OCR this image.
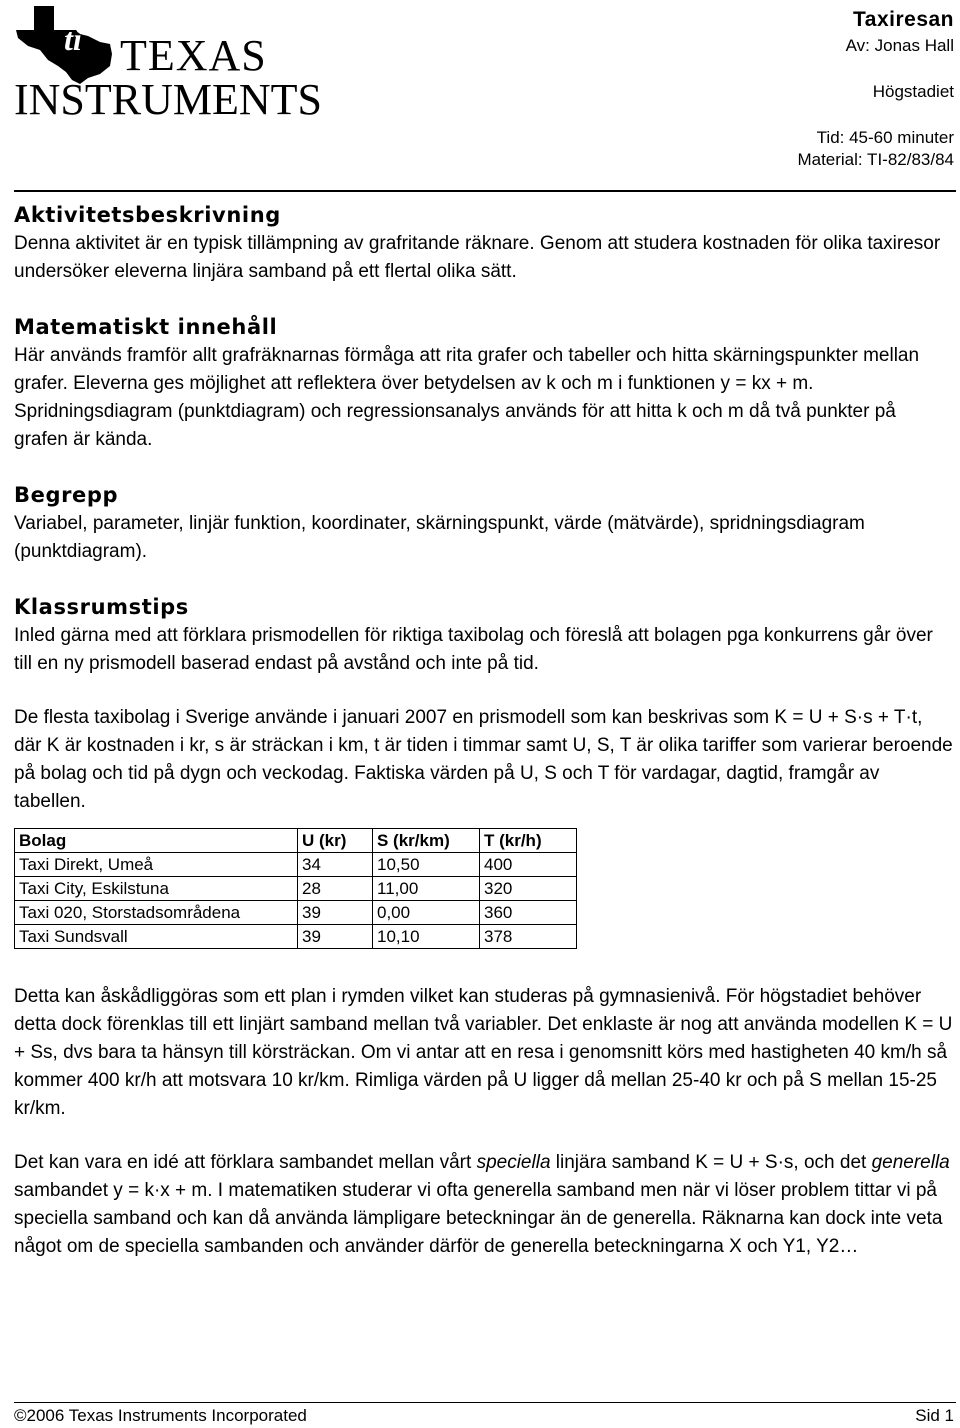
ti TEXAS
INSTRUMENTS
Taxiresan
Av: Jonas Hall
Högstadiet
Tid: 45-60 minuter
Material: TI-82/83/84
Aktivitetsbeskrivning

Denna aktivitet är en typisk tillämpning av grafritande räknare. Genom att studera kostnaden för olika taxiresor undersöker eleverna linjära samband på ett flertal olika sätt.

Matematiskt innehåll

Här används framför allt grafräknarnas förmåga att rita grafer och tabeller och hitta skärningspunkter mellan grafer. Eleverna ges möjlighet att reflektera över betydelsen av k och m i funktionen y = kx + m. Spridningsdiagram (punktdiagram) och regressionsanalys används för att hitta k och m då två punkter på grafen är kända.

Begrepp

Variabel, parameter, linjär funktion, koordinater, skärningspunkt, värde (mätvärde), spridningsdiagram (punktdiagram).

Klassrumstips

Inled gärna med att förklara prismodellen för riktiga taxibolag och föreslå att bolagen pga konkurrens går över till en ny prismodell baserad endast på avstånd och inte på tid.

De flesta taxibolag i Sverige använde i januari 2007 en prismodell som kan beskrivas som K = U + S·s + T·t, där K är kostnaden i kr, s är sträckan i km, t är tiden i timmar samt U, S, T är olika tariffer som varierar beroende på bolag och tid på dygn och veckodag. Faktiska värden på U, S och T för vardagar, dagtid, framgår av tabellen.

Bolag	U (kr)	S (kr/km)	T (kr/h)
Taxi Direkt, Umeå	34	10,50	400
Taxi City, Eskilstuna	28	11,00	320
Taxi 020, Storstadsområdena	39	0,00	360
Taxi Sundsvall	39	10,10	378

Detta kan åskådliggöras som ett plan i rymden vilket kan studeras på gymnasienivå. För högstadiet behöver detta dock förenklas till ett linjärt samband mellan två variabler. Det enklaste är nog att använda modellen K = U + Ss, dvs bara ta hänsyn till körsträckan. Om vi antar att en resa i genomsnitt körs med hastigheten 40 km/h så kommer 400 kr/h att motsvara 10 kr/km. Rimliga värden på U ligger då mellan 25-40 kr och på S mellan 15-25 kr/km.

Det kan vara en idé att förklara sambandet mellan vårt speciella linjära samband K = U + S·s, och det generella sambandet y = k·x + m. I matematiken studerar vi ofta generella samband men när vi löser problem tittar vi på speciella samband och kan då använda lämpligare beteckningar än de generella. Räknarna kan dock inte veta något om de speciella sambanden och använder därför de generella beteckningarna X och Y1, Y2…

©2006 Texas Instruments Incorporated	Sid 1
